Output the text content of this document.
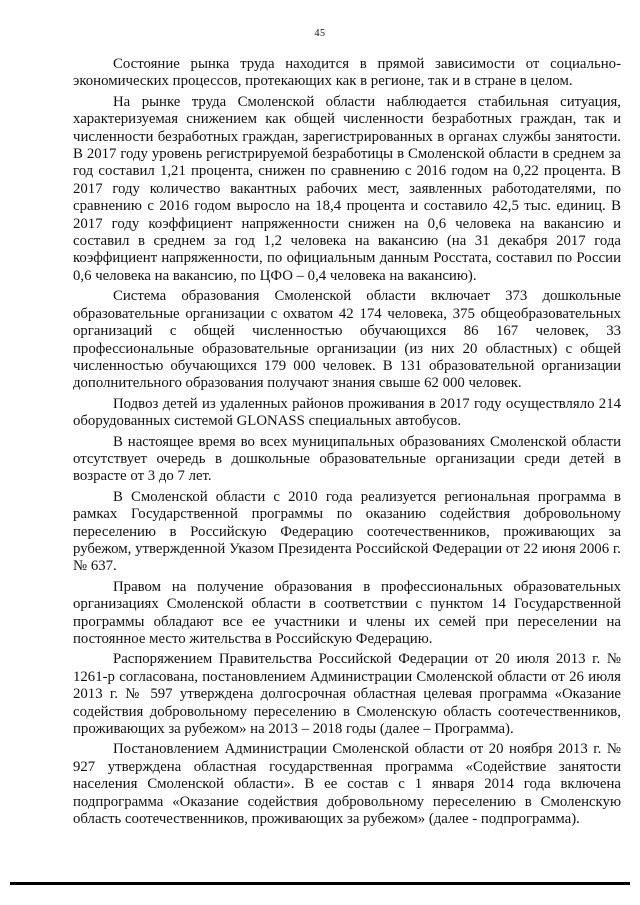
45

Состояние рынка труда находится в прямой зависимости от социально-экономических процессов, протекающих как в регионе, так и в стране в целом.

На рынке труда Смоленской области наблюдается стабильная ситуация, характеризуемая снижением как общей численности безработных граждан, так и численности безработных граждан, зарегистрированных в органах службы занятости. В 2017 году уровень регистрируемой безработицы в Смоленской области в среднем за год составил 1,21 процента, снижен по сравнению с 2016 годом на 0,22 процента. В 2017 году количество вакантных рабочих мест, заявленных работодателями, по сравнению с 2016 годом выросло на 18,4 процента и составило 42,5 тыс. единиц. В 2017 году коэффициент напряженности снижен на 0,6 человека на вакансию и составил в среднем за год 1,2 человека на вакансию (на 31 декабря 2017 года коэффициент напряженности, по официальным данным Росстата, составил по России 0,6 человека на вакансию, по ЦФО – 0,4 человека на вакансию).

Система образования Смоленской области включает 373 дошкольные образовательные организации с охватом 42 174 человека, 375 общеобразовательных организаций с общей численностью обучающихся 86 167 человек, 33 профессиональные образовательные организации (из них 20 областных) с общей численностью обучающихся 179 000 человек. В 131 образовательной организации дополнительного образования получают знания свыше 62 000 человек.

Подвоз детей из удаленных районов проживания в 2017 году осуществляло 214 оборудованных системой GLONASS специальных автобусов.

В настоящее время во всех муниципальных образованиях Смоленской области отсутствует очередь в дошкольные образовательные организации среди детей в возрасте от 3 до 7 лет.

В Смоленской области с 2010 года реализуется региональная программа в рамках Государственной программы по оказанию содействия добровольному переселению в Российскую Федерацию соотечественников, проживающих за рубежом, утвержденной Указом Президента Российской Федерации от 22 июня 2006 г. № 637.

Правом на получение образования в профессиональных образовательных организациях Смоленской области в соответствии с пунктом 14 Государственной программы обладают все ее участники и члены их семей при переселении на постоянное место жительства в Российскую Федерацию.

Распоряжением Правительства Российской Федерации от 20 июля 2013 г. № 1261-р согласована, постановлением Администрации Смоленской области от 26 июля 2013 г. № 597 утверждена долгосрочная областная целевая программа «Оказание содействия добровольному переселению в Смоленскую область соотечественников, проживающих за рубежом» на 2013 – 2018 годы (далее – Программа).

Постановлением Администрации Смоленской области от 20 ноября 2013 г. № 927 утверждена областная государственная программа «Содействие занятости населения Смоленской области». В ее состав с 1 января 2014 года включена подпрограмма «Оказание содействия добровольному переселению в Смоленскую область соотечественников, проживающих за рубежом» (далее - подпрограмма).
